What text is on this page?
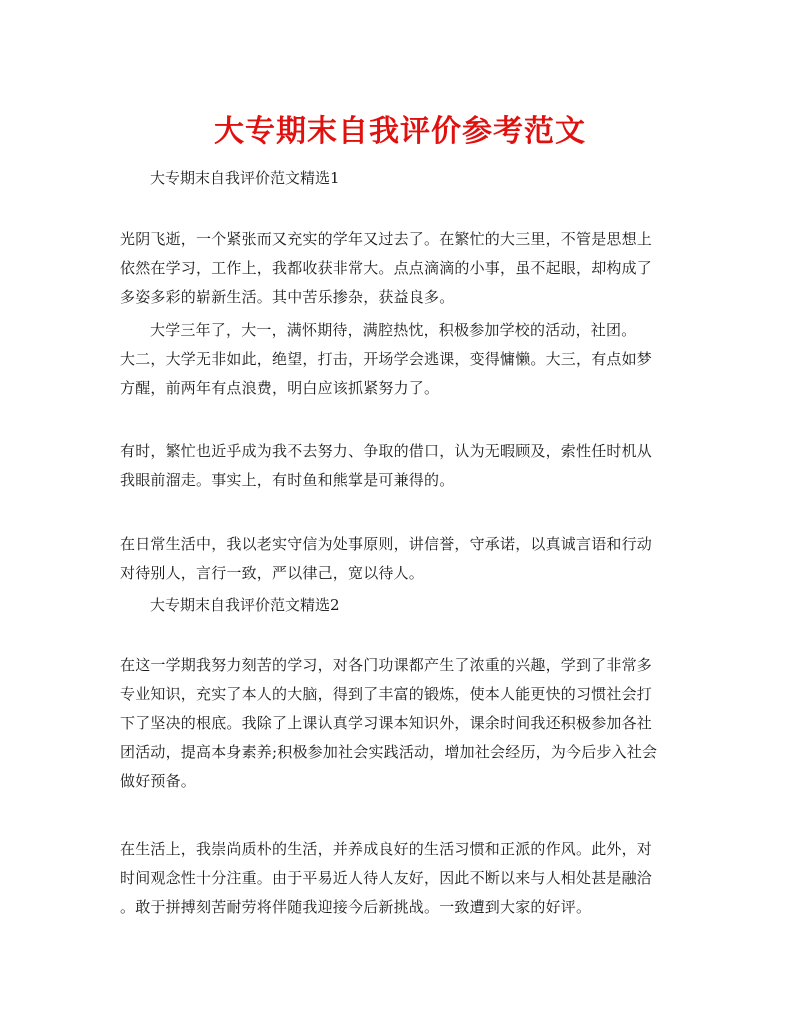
大专期末自我评价参考范文
大专期末自我评价范文精选1
光阴飞逝，一个紧张而又充实的学年又过去了。在繁忙的大三里，不管是思想上
依然在学习，工作上，我都收获非常大。点点滴滴的小事，虽不起眼，却构成了
多姿多彩的崭新生活。其中苦乐掺杂，获益良多。
大学三年了，大一，满怀期待，满腔热忱，积极参加学校的活动，社团。
大二，大学无非如此，绝望，打击，开场学会逃课，变得慵懒。大三，有点如梦
方醒，前两年有点浪费，明白应该抓紧努力了。
有时，繁忙也近乎成为我不去努力、争取的借口，认为无暇顾及，索性任时机从
我眼前溜走。事实上，有时鱼和熊掌是可兼得的。
在日常生活中，我以老实守信为处事原则，讲信誉，守承诺，以真诚言语和行动
对待别人，言行一致，严以律己，宽以待人。
大专期末自我评价范文精选2
在这一学期我努力刻苦的学习，对各门功课都产生了浓重的兴趣，学到了非常多
专业知识，充实了本人的大脑，得到了丰富的锻炼，使本人能更快的习惯社会打
下了坚决的根底。我除了上课认真学习课本知识外，课余时间我还积极参加各社
团活动，提高本身素养;积极参加社会实践活动，增加社会经历，为今后步入社会
做好预备。
在生活上，我崇尚质朴的生活，并养成良好的生活习惯和正派的作风。此外，对
时间观念性十分注重。由于平易近人待人友好，因此不断以来与人相处甚是融洽
。敢于拼搏刻苦耐劳将伴随我迎接今后新挑战。一致遭到大家的好评。
